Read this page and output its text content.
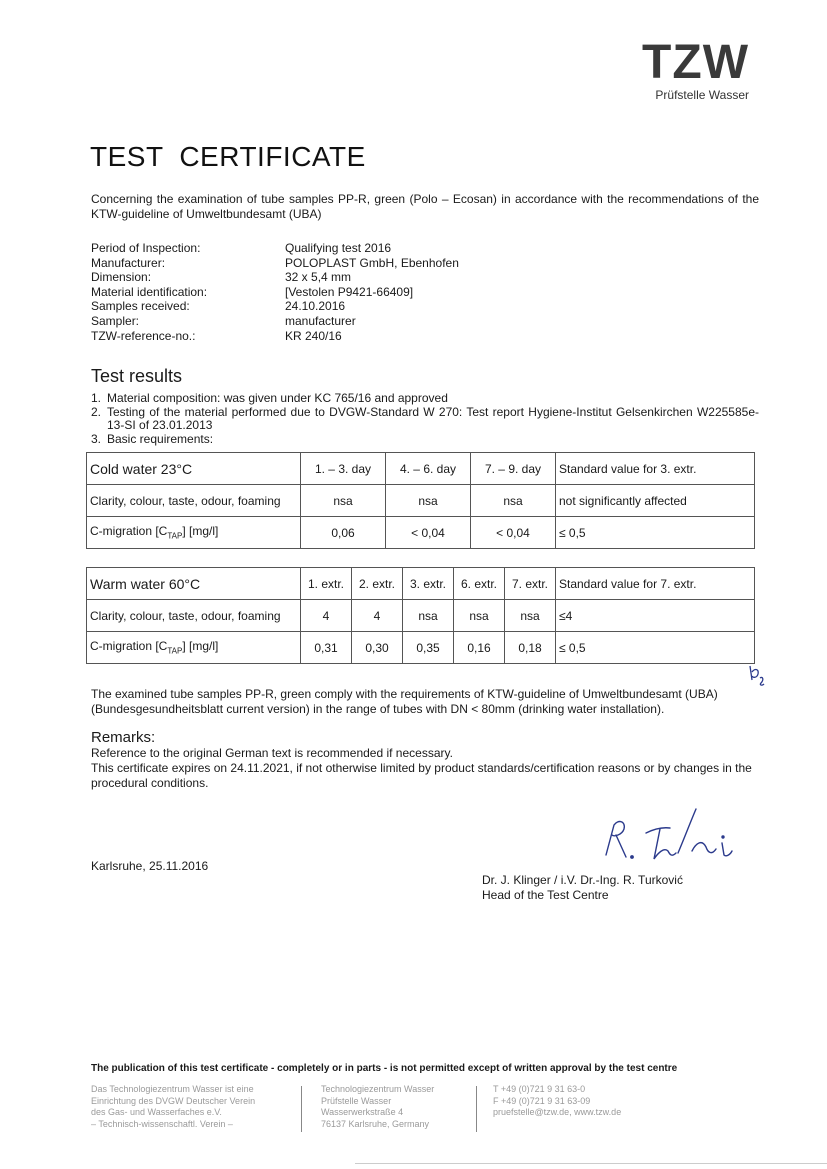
TZW
Prüfstelle Wasser
TEST CERTIFICATE
Concerning the examination of tube samples PP-R, green (Polo – Ecosan) in accordance with the recommendations of the KTW-guideline of Umweltbundesamt (UBA)
Period of Inspection:	Qualifying test 2016
Manufacturer:	POLOPLAST GmbH, Ebenhofen
Dimension:	32 x 5,4 mm
Material identification:	[Vestolen P9421-66409]
Samples received:	24.10.2016
Sampler:	manufacturer
TZW-reference-no.:	KR 240/16
Test results
1. Material composition: was given under KC 765/16 and approved
2. Testing of the material performed due to DVGW-Standard W 270: Test report Hygiene-Institut Gelsenkirchen W225585e-13-SI of 23.01.2013
3. Basic requirements:
Cold water 23°C	1. – 3. day	4. – 6. day	7. – 9. day	Standard value for 3. extr.
Clarity, colour, taste, odour, foaming	nsa	nsa	nsa	not significantly affected
C-migration $[C_{TAP}]$ [mg/l]	0,06	< 0,04	< 0,04	≤ 0,5
Warm water 60°C	1. extr.	2. extr.	3. extr.	6. extr.	7. extr.	Standard value for 7. extr.
Clarity, colour, taste, odour, foaming	4	4	nsa	nsa	nsa	≤4
C-migration $[C_{TAP}]$ [mg/l]	0,31	0,30	0,35	0,16	0,18	≤ 0,5
The examined tube samples PP-R, green comply with the requirements of KTW-guideline of Umweltbundesamt (UBA) (Bundesgesundheitsblatt current version) in the range of tubes with DN < 80mm (drinking water installation).
Remarks:
Reference to the original German text is recommended if necessary.
This certificate expires on 24.11.2021, if not otherwise limited by product standards/certification reasons or by changes in the procedural conditions.
Karlsruhe, 25.11.2016
Dr. J. Klinger / i.V. Dr.-Ing. R. Turković
Head of the Test Centre
The publication of this test certificate - completely or in parts - is not permitted except of written approval by the test centre
Das Technologiezentrum Wasser ist eine
Einrichtung des DVGW Deutscher Verein
des Gas- und Wasserfaches e.V.
– Technisch-wissenschaftl. Verein –
Technologiezentrum Wasser
Prüfstelle Wasser
Wasserwerkstraße 4
76137 Karlsruhe, Germany
T +49 (0)721 9 31 63-0
F +49 (0)721 9 31 63-09
pruefstelle@tzw.de, www.tzw.de
